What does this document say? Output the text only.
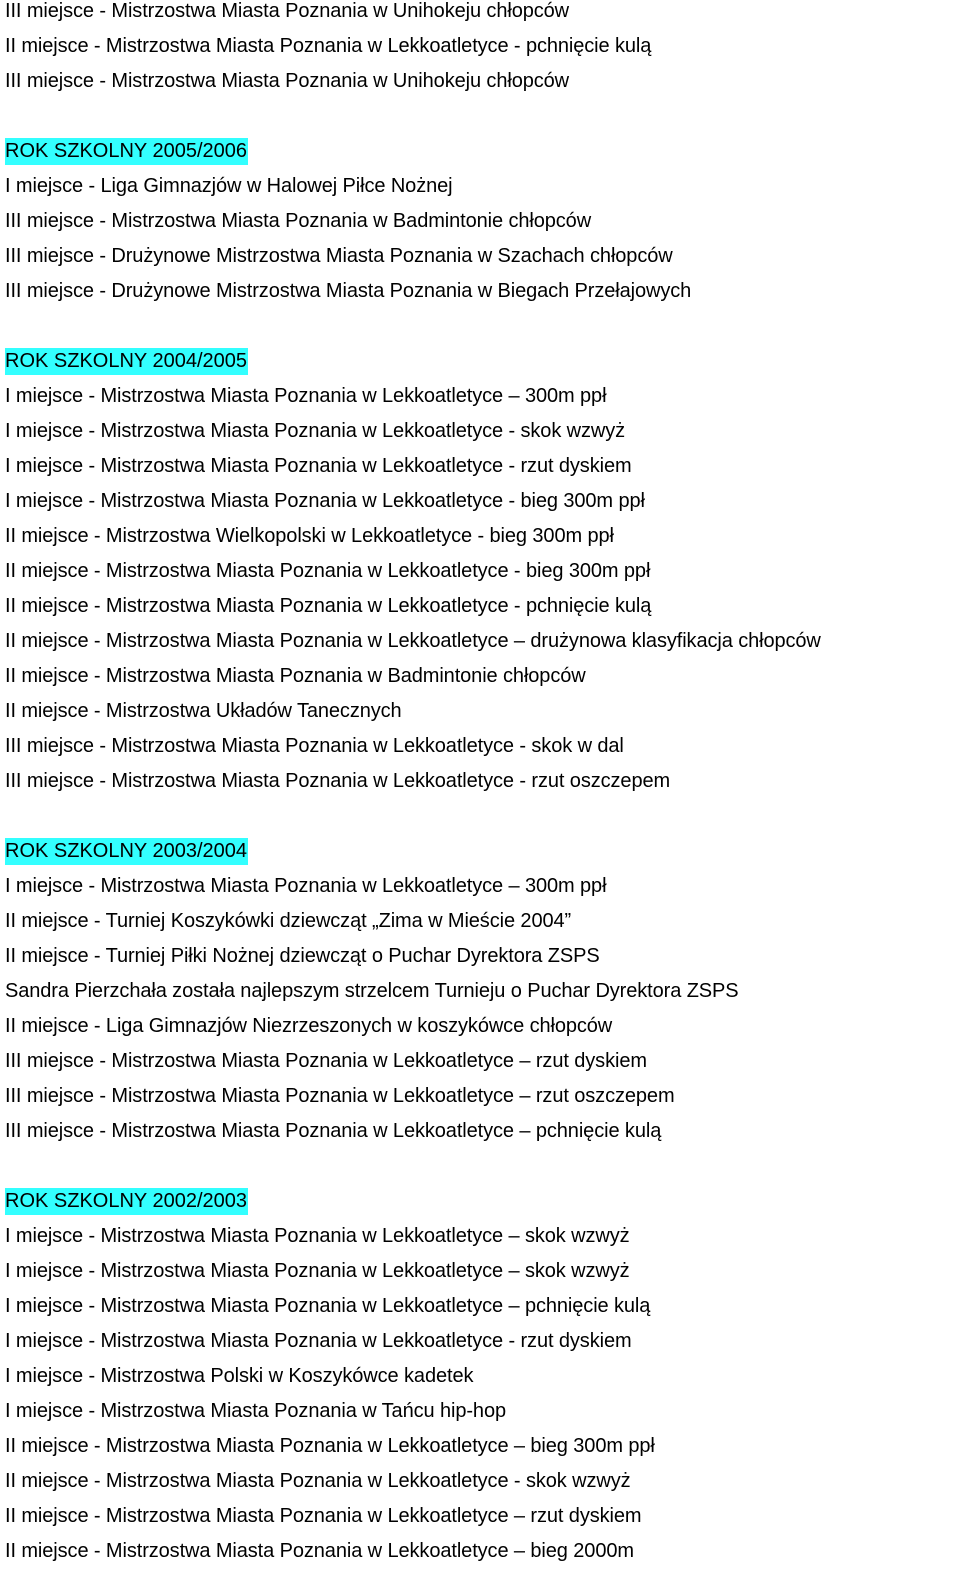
III miejsce - Mistrzostwa Miasta Poznania w Unihokeju chłopców
II miejsce - Mistrzostwa Miasta Poznania w Lekkoatletyce - pchnięcie kulą
III miejsce - Mistrzostwa Miasta Poznania w Unihokeju chłopców
ROK SZKOLNY 2005/2006
I miejsce - Liga Gimnazjów w Halowej Piłce Nożnej
III miejsce - Mistrzostwa Miasta Poznania w Badmintonie chłopców
III miejsce - Drużynowe Mistrzostwa Miasta Poznania w Szachach chłopców
III miejsce - Drużynowe Mistrzostwa Miasta Poznania w Biegach Przełajowych
ROK SZKOLNY 2004/2005
I miejsce - Mistrzostwa Miasta Poznania w Lekkoatletyce – 300m ppł
I miejsce - Mistrzostwa Miasta Poznania w Lekkoatletyce - skok wzwyż
I miejsce - Mistrzostwa Miasta Poznania w Lekkoatletyce - rzut dyskiem
I miejsce - Mistrzostwa Miasta Poznania w Lekkoatletyce - bieg 300m ppł
II miejsce - Mistrzostwa Wielkopolski w Lekkoatletyce - bieg 300m ppł
II miejsce - Mistrzostwa Miasta Poznania w Lekkoatletyce - bieg 300m ppł
II miejsce - Mistrzostwa Miasta Poznania w Lekkoatletyce - pchnięcie kulą
II miejsce - Mistrzostwa Miasta Poznania w Lekkoatletyce – drużynowa klasyfikacja chłopców
II miejsce - Mistrzostwa Miasta Poznania w Badmintonie chłopców
II miejsce - Mistrzostwa Układów Tanecznych
III miejsce - Mistrzostwa Miasta Poznania w Lekkoatletyce - skok w dal
III miejsce - Mistrzostwa Miasta Poznania w Lekkoatletyce - rzut oszczepem
ROK SZKOLNY 2003/2004
I miejsce - Mistrzostwa Miasta Poznania w Lekkoatletyce – 300m ppł
II miejsce - Turniej Koszykówki dziewcząt „Zima w Mieście 2004”
II miejsce - Turniej Piłki Nożnej dziewcząt o Puchar Dyrektora ZSPS
Sandra Pierzchała została najlepszym strzelcem Turnieju o Puchar Dyrektora ZSPS
II miejsce - Liga Gimnazjów Niezrzeszonych w koszykówce chłopców
III miejsce - Mistrzostwa Miasta Poznania w Lekkoatletyce – rzut dyskiem
III miejsce - Mistrzostwa Miasta Poznania w Lekkoatletyce – rzut oszczepem
III miejsce - Mistrzostwa Miasta Poznania w Lekkoatletyce – pchnięcie kulą
ROK SZKOLNY 2002/2003
I miejsce - Mistrzostwa Miasta Poznania w Lekkoatletyce – skok wzwyż
I miejsce - Mistrzostwa Miasta Poznania w Lekkoatletyce – skok wzwyż
I miejsce - Mistrzostwa Miasta Poznania w Lekkoatletyce – pchnięcie kulą
I miejsce - Mistrzostwa Miasta Poznania w Lekkoatletyce - rzut dyskiem
I miejsce - Mistrzostwa Polski w Koszykówce kadetek
I miejsce - Mistrzostwa Miasta Poznania w Tańcu hip-hop
II miejsce - Mistrzostwa Miasta Poznania w Lekkoatletyce – bieg 300m ppł
II miejsce - Mistrzostwa Miasta Poznania w Lekkoatletyce - skok wzwyż
II miejsce - Mistrzostwa Miasta Poznania w Lekkoatletyce – rzut dyskiem
II miejsce - Mistrzostwa Miasta Poznania w Lekkoatletyce – bieg 2000m
